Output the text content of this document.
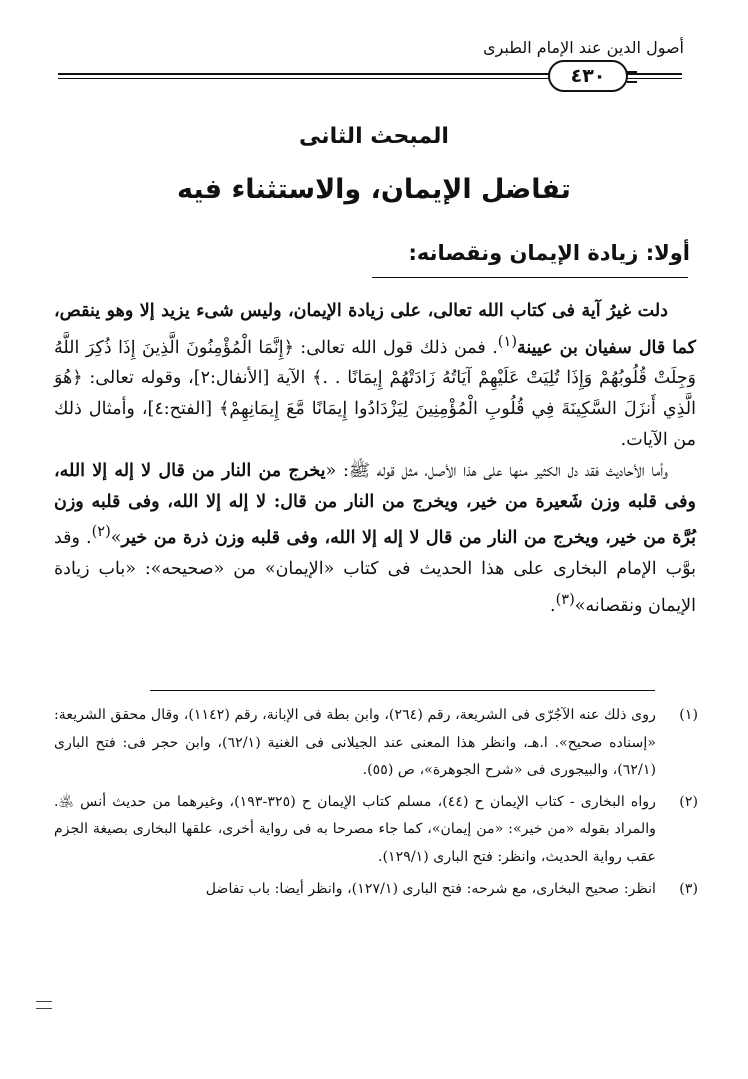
أصول الدين عند الإمام الطبرى
٤٣٠
المبحث الثانى
تفاضل الإيمان، والاستثناء فيه
أولا: زيادة الإيمان ونقصانه:

دلت غيرُ آية فى كتاب الله تعالى، على زيادة الإيمان، وليس شىء يزيد إلا وهو ينقص، كما قال سفيان بن عيينة$^{(١)}$. فمن ذلك قول الله تعالى: ﴿إِنَّمَا الْمُؤْمِنُونَ الَّذِينَ إِذَا ذُكِرَ اللَّهُ وَجِلَتْ قُلُوبُهُمْ وَإِذَا تُلِيَتْ عَلَيْهِمْ آيَاتُهُ زَادَتْهُمْ إِيمَانًا . .﴾ الآية [الأنفال:٢]، وقوله تعالى: ﴿هُوَ الَّذِي أَنزَلَ السَّكِينَةَ فِي قُلُوبِ الْمُؤْمِنِينَ لِيَزْدَادُوا إِيمَانًا مَّعَ إِيمَانِهِمْ﴾ [الفتح:٤]، وأمثال ذلك من الآيات.

وأما الأحاديث فقد دل الكثير منها على هذا الأصل، مثل قوله ﷺ: «يخرج من النار من قال لا إله إلا الله، وفى قلبه وزن شَعيرة من خير، ويخرج من النار من قال: لا إله إلا الله، وفى قلبه وزن بُرَّة من خير، ويخرج من النار من قال لا إله إلا الله، وفى قلبه وزن ذرة من خير»$^{(٢)}$. وقد بوَّب الإمام البخارى على هذا الحديث فى كتاب «الإيمان» من «صحيحه»: «باب زيادة الإيمان ونقصانه»$^{(٣)}$.

(١)
روى ذلك عنه الآجُرّى فى الشريعة، رقم (٢٦٤)، وابن بطة فى الإبانة، رقم (١١٤٢)، وقال محقق الشريعة: «إسناده صحيح». ا.هـ، وانظر هذا المعنى عند الجيلانى فى الغنية (٦٢/١)، وابن حجر فى: فتح البارى (٦٢/١)، والبيجورى فى «شرح الجوهرة»، ص (٥٥).
(٢)
رواه البخارى - كتاب الإيمان ح (٤٤)، مسلم كتاب الإيمان ح (٣٢٥-١٩٣)، وغيرهما من حديث أنس ﵁. والمراد بقوله «من خير»: «من إيمان»، كما جاء مصرحا به فى رواية أخرى، علقها البخارى بصيغة الجزم عقب رواية الحديث، وانظر: فتح البارى (١٢٩/١).
(٣)
انظر: صحيح البخارى، مع شرحه: فتح البارى (١٢٧/١)، وانظر أيضا: باب تفاضل
